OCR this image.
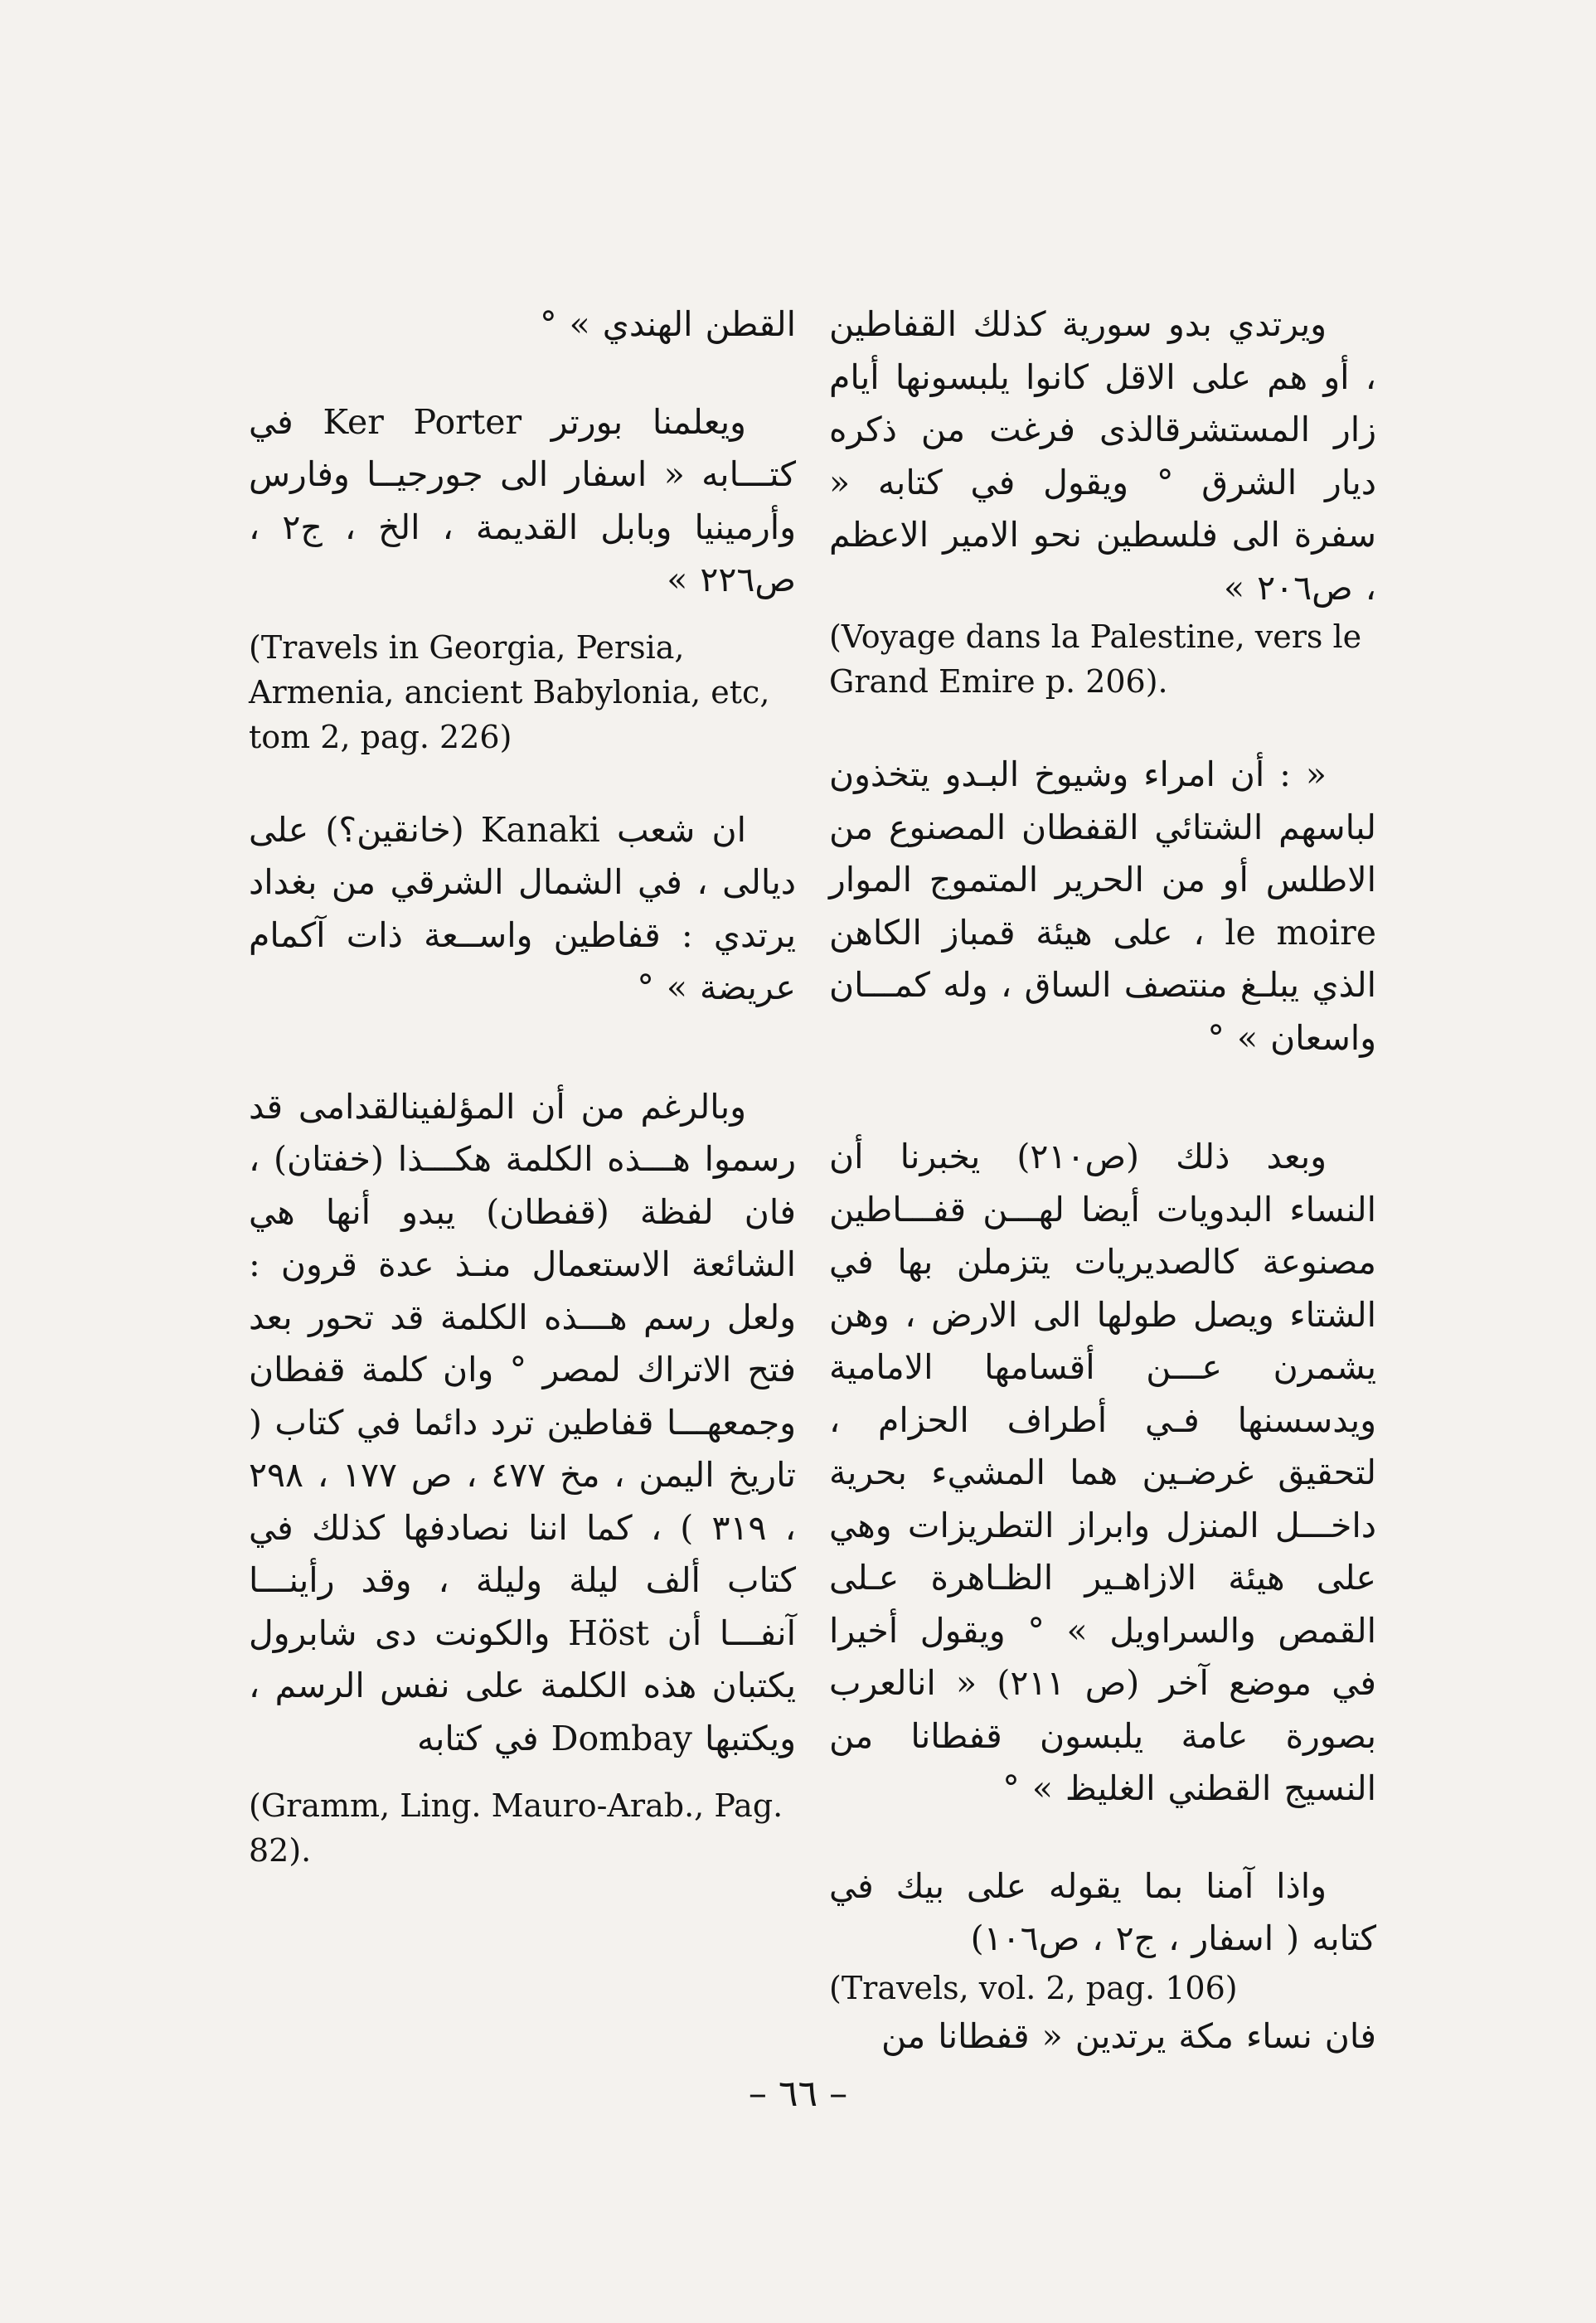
ويرتدي بدو سورية كذلك القفاطين ، أو هم على الاقل كانوا يلبسونها أيام زار المستشرقالذى فرغت من ذكره ديار الشرق ° ويقول في كتابه « سفرة الى فلسطين نحو الامير الاعظم ، ص٢٠٦ »

(Voyage dans la Palestine, vers le Grand Emire p. 206).

« : أن امراء وشيوخ البـدو يتخذون لباسهم الشتائي القفطان المصنوع من الاطلس أو من الحرير المتموج الموار le moire ، على هيئة قمباز الكاهن الذي يبلـغ منتصف الساق ، وله كمـــان واسعان » °

وبعد ذلك (ص٢١٠) يخبرنا أن النساء البدويات أيضا لهـــن قفـــاطين مصنوعة كالصديريات يتزملن بها في الشتاء ويصل طولها الى الارض ، وهن يشمرن عـــن أقسامها الامامية ويدسسنها فـي أطراف الحزام ، لتحقيق غرضـين هما المشيء بحرية داخـــل المنزل وابراز التطريزات وهي على هيئة الازاهـير الظـاهرة عـلى القمص والسراويل » ° ويقول أخيرا في موضع آخر (ص ٢١١) « انالعرب بصورة عامة يلبسون قفطانا من النسيج القطني الغليظ » °

واذا آمنا بما يقوله على بيك في كتابه ( اسفار ، ج٢ ، ص١٠٦)

(Travels, vol. 2, pag. 106)

فان نساء مكة يرتدين « قفطانا من

القطن الهندي » °

ويعلمنا بورتر Ker Porter في كتـــابه « اسفار الى جورجيــا وفارس وأرمينيا وبابل القديمة ، الخ ، ج٢ ، ص٢٢٦ »

(Travels in Georgia, Persia, Armenia, ancient Babylonia, etc, tom 2, pag. 226)

ان شعب Kanaki (خانقين؟) على ديالى ، في الشمال الشرقي من بغداد يرتدي : قفاطين واســعة ذات آكمام عريضة » °

وبالرغم من أن المؤلفينالقدامى قد رسموا هـــذه الكلمة هكـــذا (خفتان) ، فان لفظة (قفطان) يبدو أنها هي الشائعة الاستعمال منـذ عدة قرون : ولعل رسم هـــذه الكلمة قد تحور بعد فتح الاتراك لمصر ° وان كلمة قفطان وجمعهـــا قفاطين ترد دائما في كتاب ( تاريخ اليمن ، مخ ٤٧٧ ، ص ١٧٧ ، ٢٩٨ ، ٣١٩ ) ، كما اننا نصادفها كذلك في كتاب ألف ليلة وليلة ، وقد رأينـــا آنفـــا أن Höst والكونت دى شابرول يكتبان هذه الكلمة على نفس الرسم ، ويكتبها Dombay في كتابه

(Gramm, Ling. Mauro-Arab., Pag. 82).

– ٦٦ –
